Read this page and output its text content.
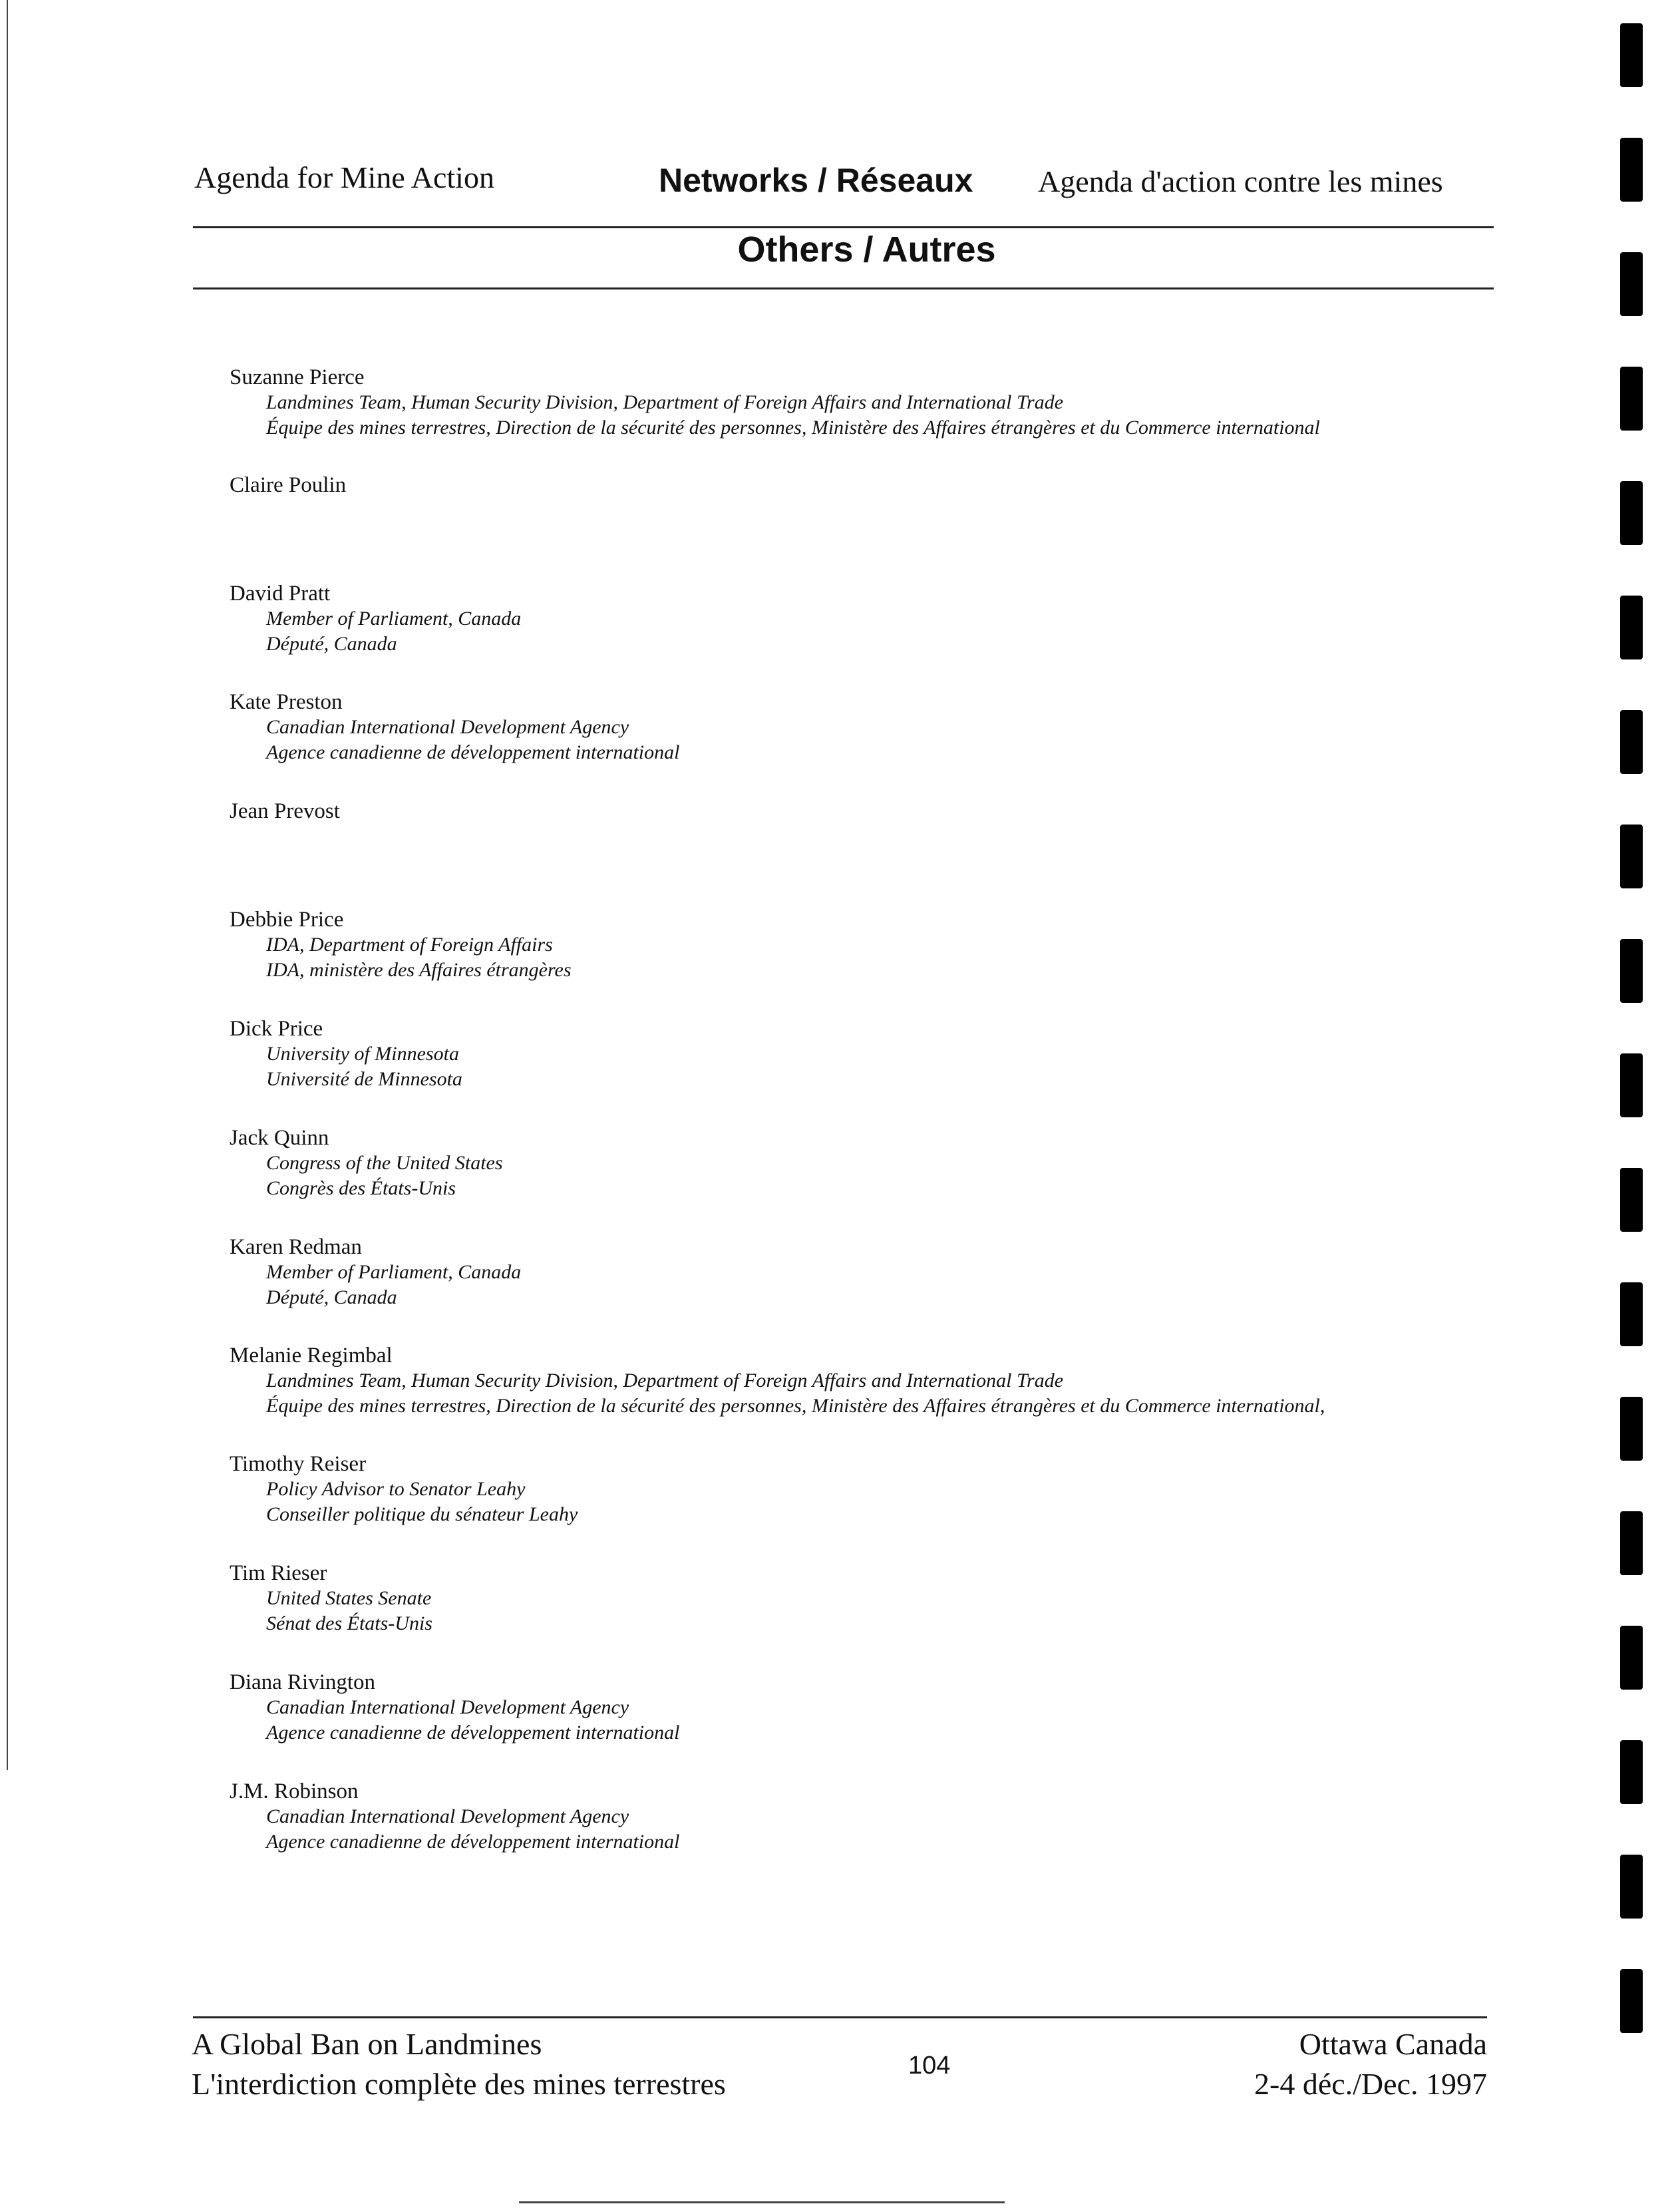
Agenda for Mine Action	Networks / Réseaux Agenda d'action contre les mines
Others / Autres
Suzanne Pierce
Landmines Team, Human Security Division, Department of Foreign Affairs and International Trade
Équipe des mines terrestres, Direction de la sécurité des personnes, Ministère des Affaires étrangères et du Commerce international
Claire Poulin
David Pratt
Member of Parliament, Canada
Député, Canada
Kate Preston
Canadian International Development Agency
Agence canadienne de développement international
Jean Prevost
Debbie Price
IDA, Department of Foreign Affairs
IDA, ministère des Affaires étrangères
Dick Price
University of Minnesota
Université de Minnesota
Jack Quinn
Congress of the United States
Congrès des États-Unis
Karen Redman
Member of Parliament, Canada
Député, Canada
Melanie Regimbal
Landmines Team, Human Security Division, Department of Foreign Affairs and International Trade
Équipe des mines terrestres, Direction de la sécurité des personnes, Ministère des Affaires étrangères et du Commerce international,
Timothy Reiser
Policy Advisor to Senator Leahy
Conseiller politique du sénateur Leahy
Tim Rieser
United States Senate
Sénat des États-Unis
Diana Rivington
Canadian International Development Agency
Agence canadienne de développement international
J.M. Robinson
Canadian International Development Agency
Agence canadienne de développement international
A Global Ban on Landmines
L'interdiction complète des mines terrestres
104
Ottawa Canada
2-4 déc./Dec. 1997
